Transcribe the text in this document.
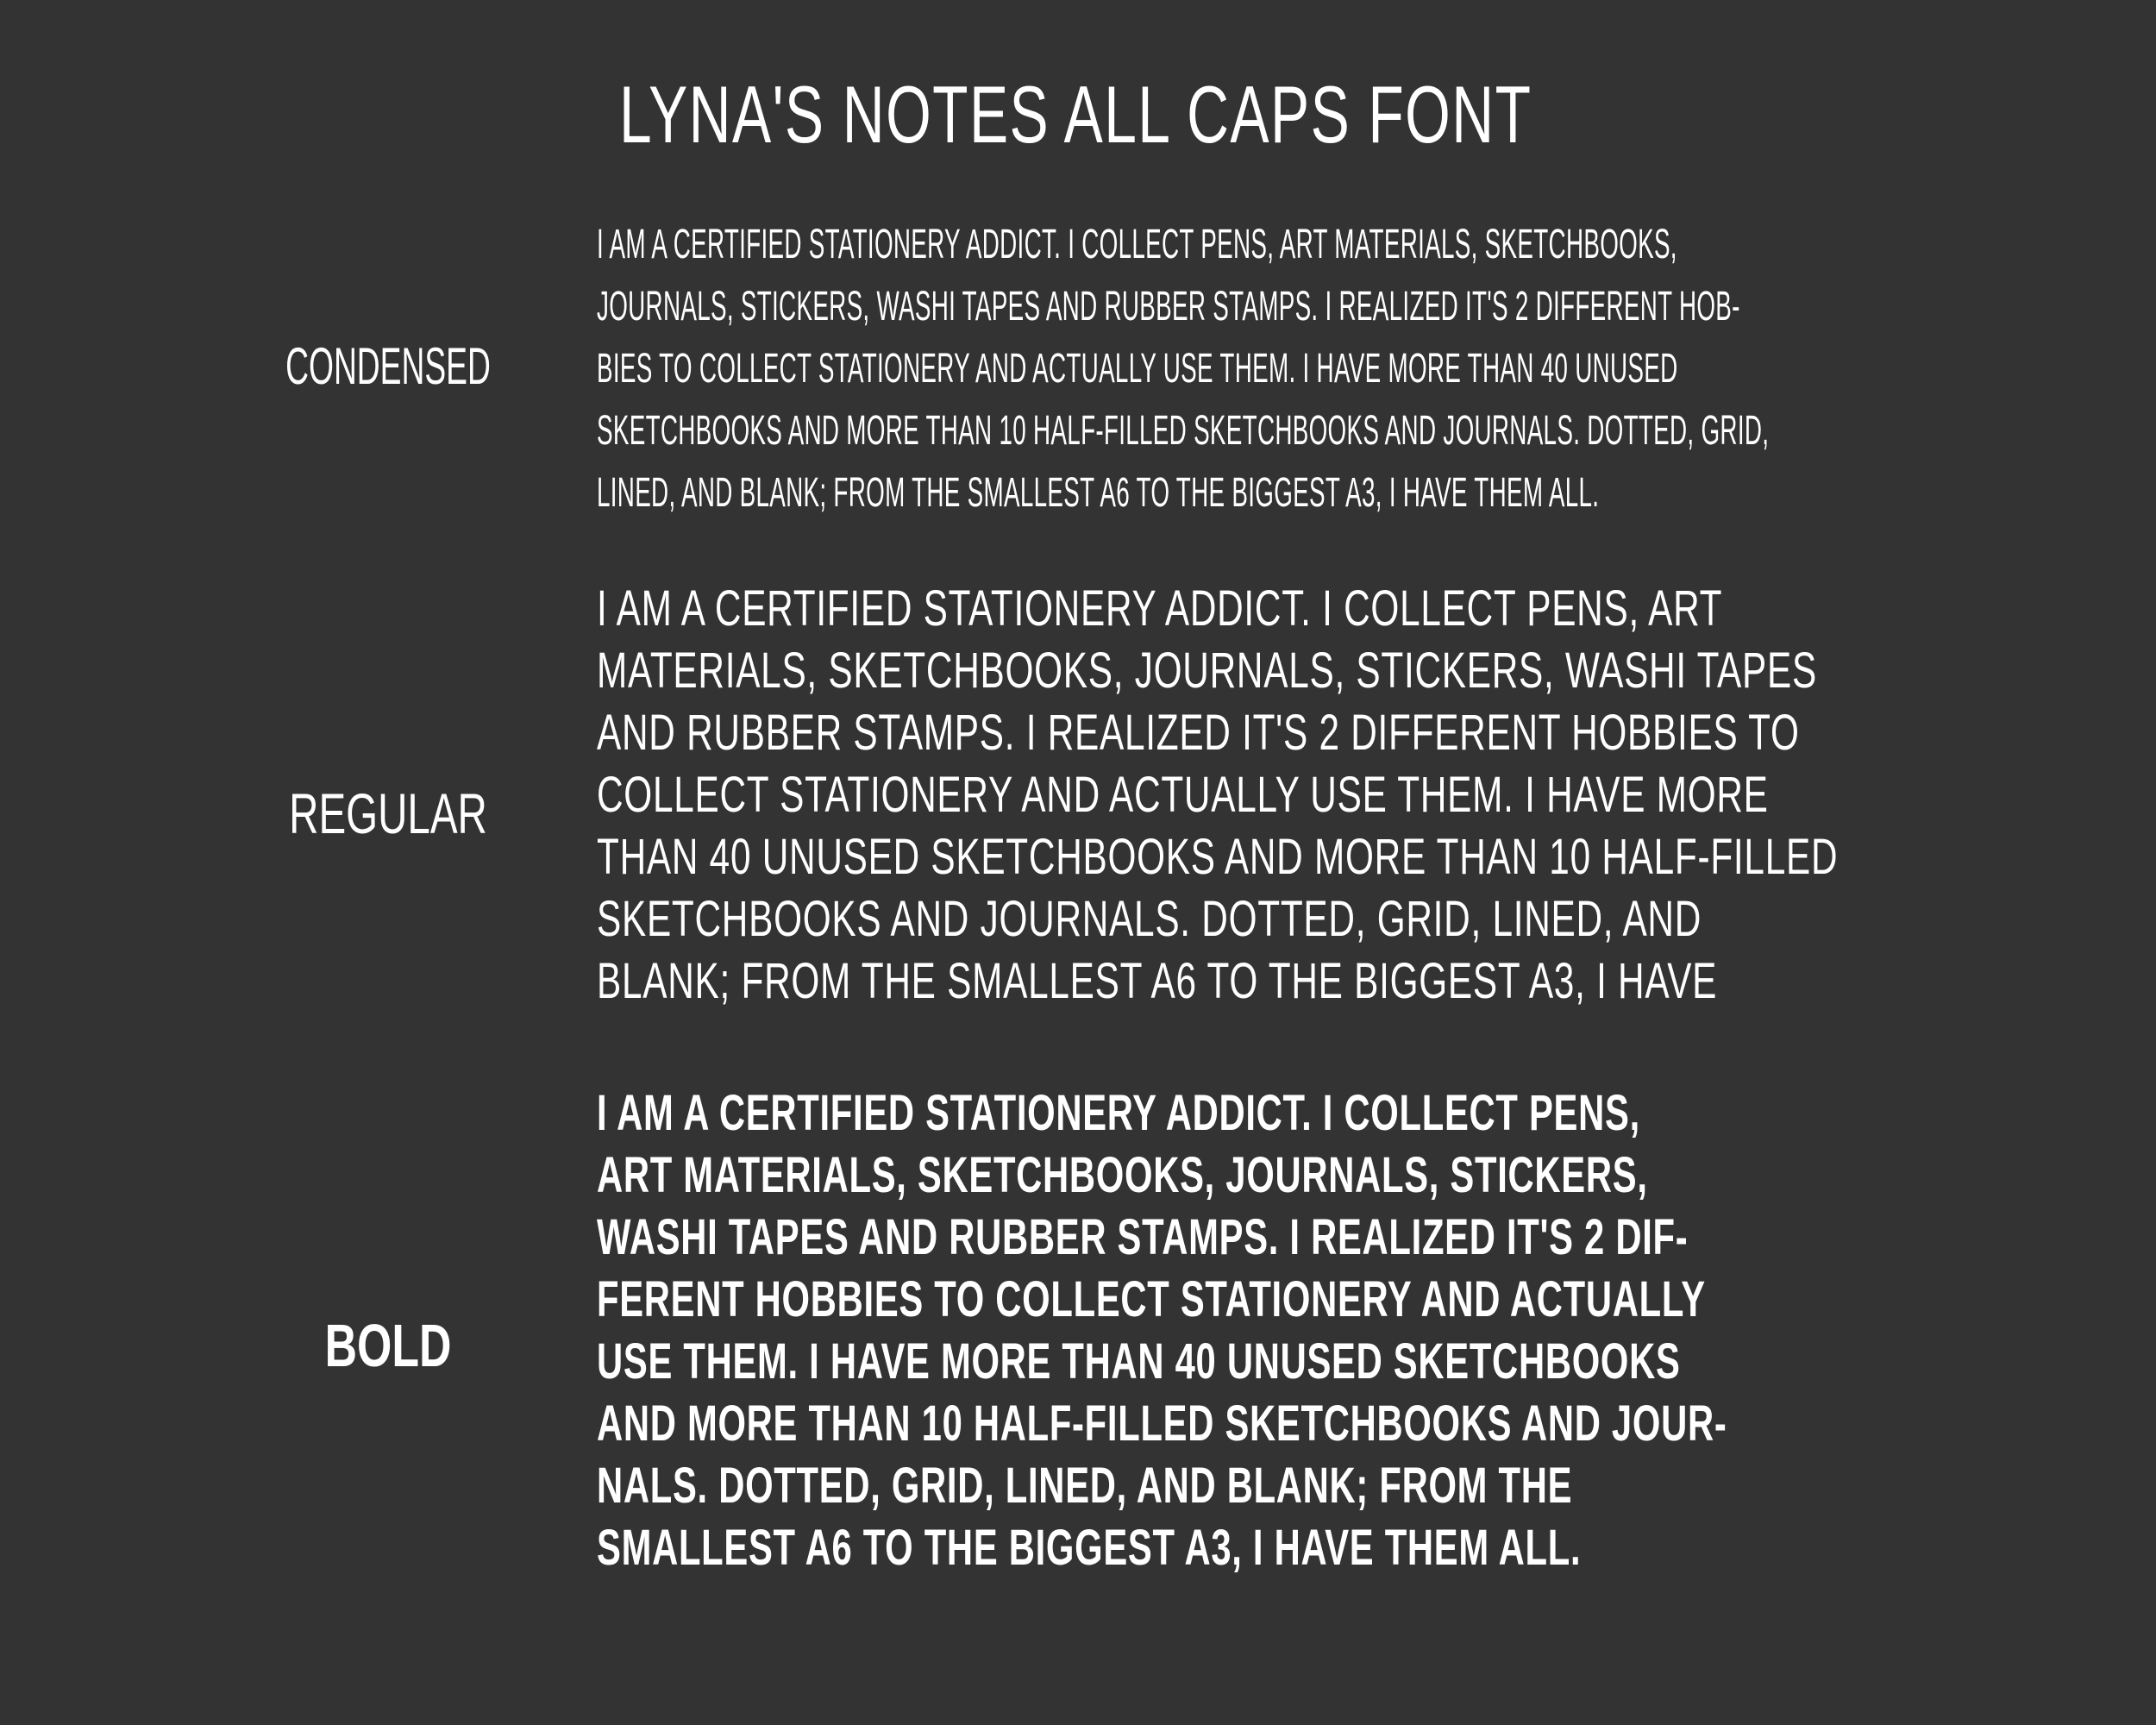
LYNA'S NOTES ALL CAPS FONT
CONDENSED
I AM A CERTIFIED STATIONERY ADDICT. I COLLECT PENS, ART MATERIALS, SKETCHBOOKS,
JOURNALS, STICKERS, WASHI TAPES AND RUBBER STAMPS. I REALIZED IT'S 2 DIFFERENT HOB-
BIES TO COLLECT STATIONERY AND ACTUALLY USE THEM. I HAVE MORE THAN 40 UNUSED
SKETCHBOOKS AND MORE THAN 10 HALF-FILLED SKETCHBOOKS AND JOURNALS. DOTTED, GRID,
LINED, AND BLANK; FROM THE SMALLEST A6 TO THE BIGGEST A3, I HAVE THEM ALL.
REGULAR
I AM A CERTIFIED STATIONERY ADDICT. I COLLECT PENS, ART
MATERIALS, SKETCHBOOKS, JOURNALS, STICKERS, WASHI TAPES
AND RUBBER STAMPS. I REALIZED IT'S 2 DIFFERENT HOBBIES TO
COLLECT STATIONERY AND ACTUALLY USE THEM. I HAVE MORE
THAN 40 UNUSED SKETCHBOOKS AND MORE THAN 10 HALF-FILLED
SKETCHBOOKS AND JOURNALS. DOTTED, GRID, LINED, AND
BLANK; FROM THE SMALLEST A6 TO THE BIGGEST A3, I HAVE
BOLD
I AM A CERTIFIED STATIONERY ADDICT. I COLLECT PENS,
ART MATERIALS, SKETCHBOOKS, JOURNALS, STICKERS,
WASHI TAPES AND RUBBER STAMPS. I REALIZED IT'S 2 DIF-
FERENT HOBBIES TO COLLECT STATIONERY AND ACTUALLY
USE THEM. I HAVE MORE THAN 40 UNUSED SKETCHBOOKS
AND MORE THAN 10 HALF-FILLED SKETCHBOOKS AND JOUR-
NALS. DOTTED, GRID, LINED, AND BLANK; FROM THE
SMALLEST A6 TO THE BIGGEST A3, I HAVE THEM ALL.
